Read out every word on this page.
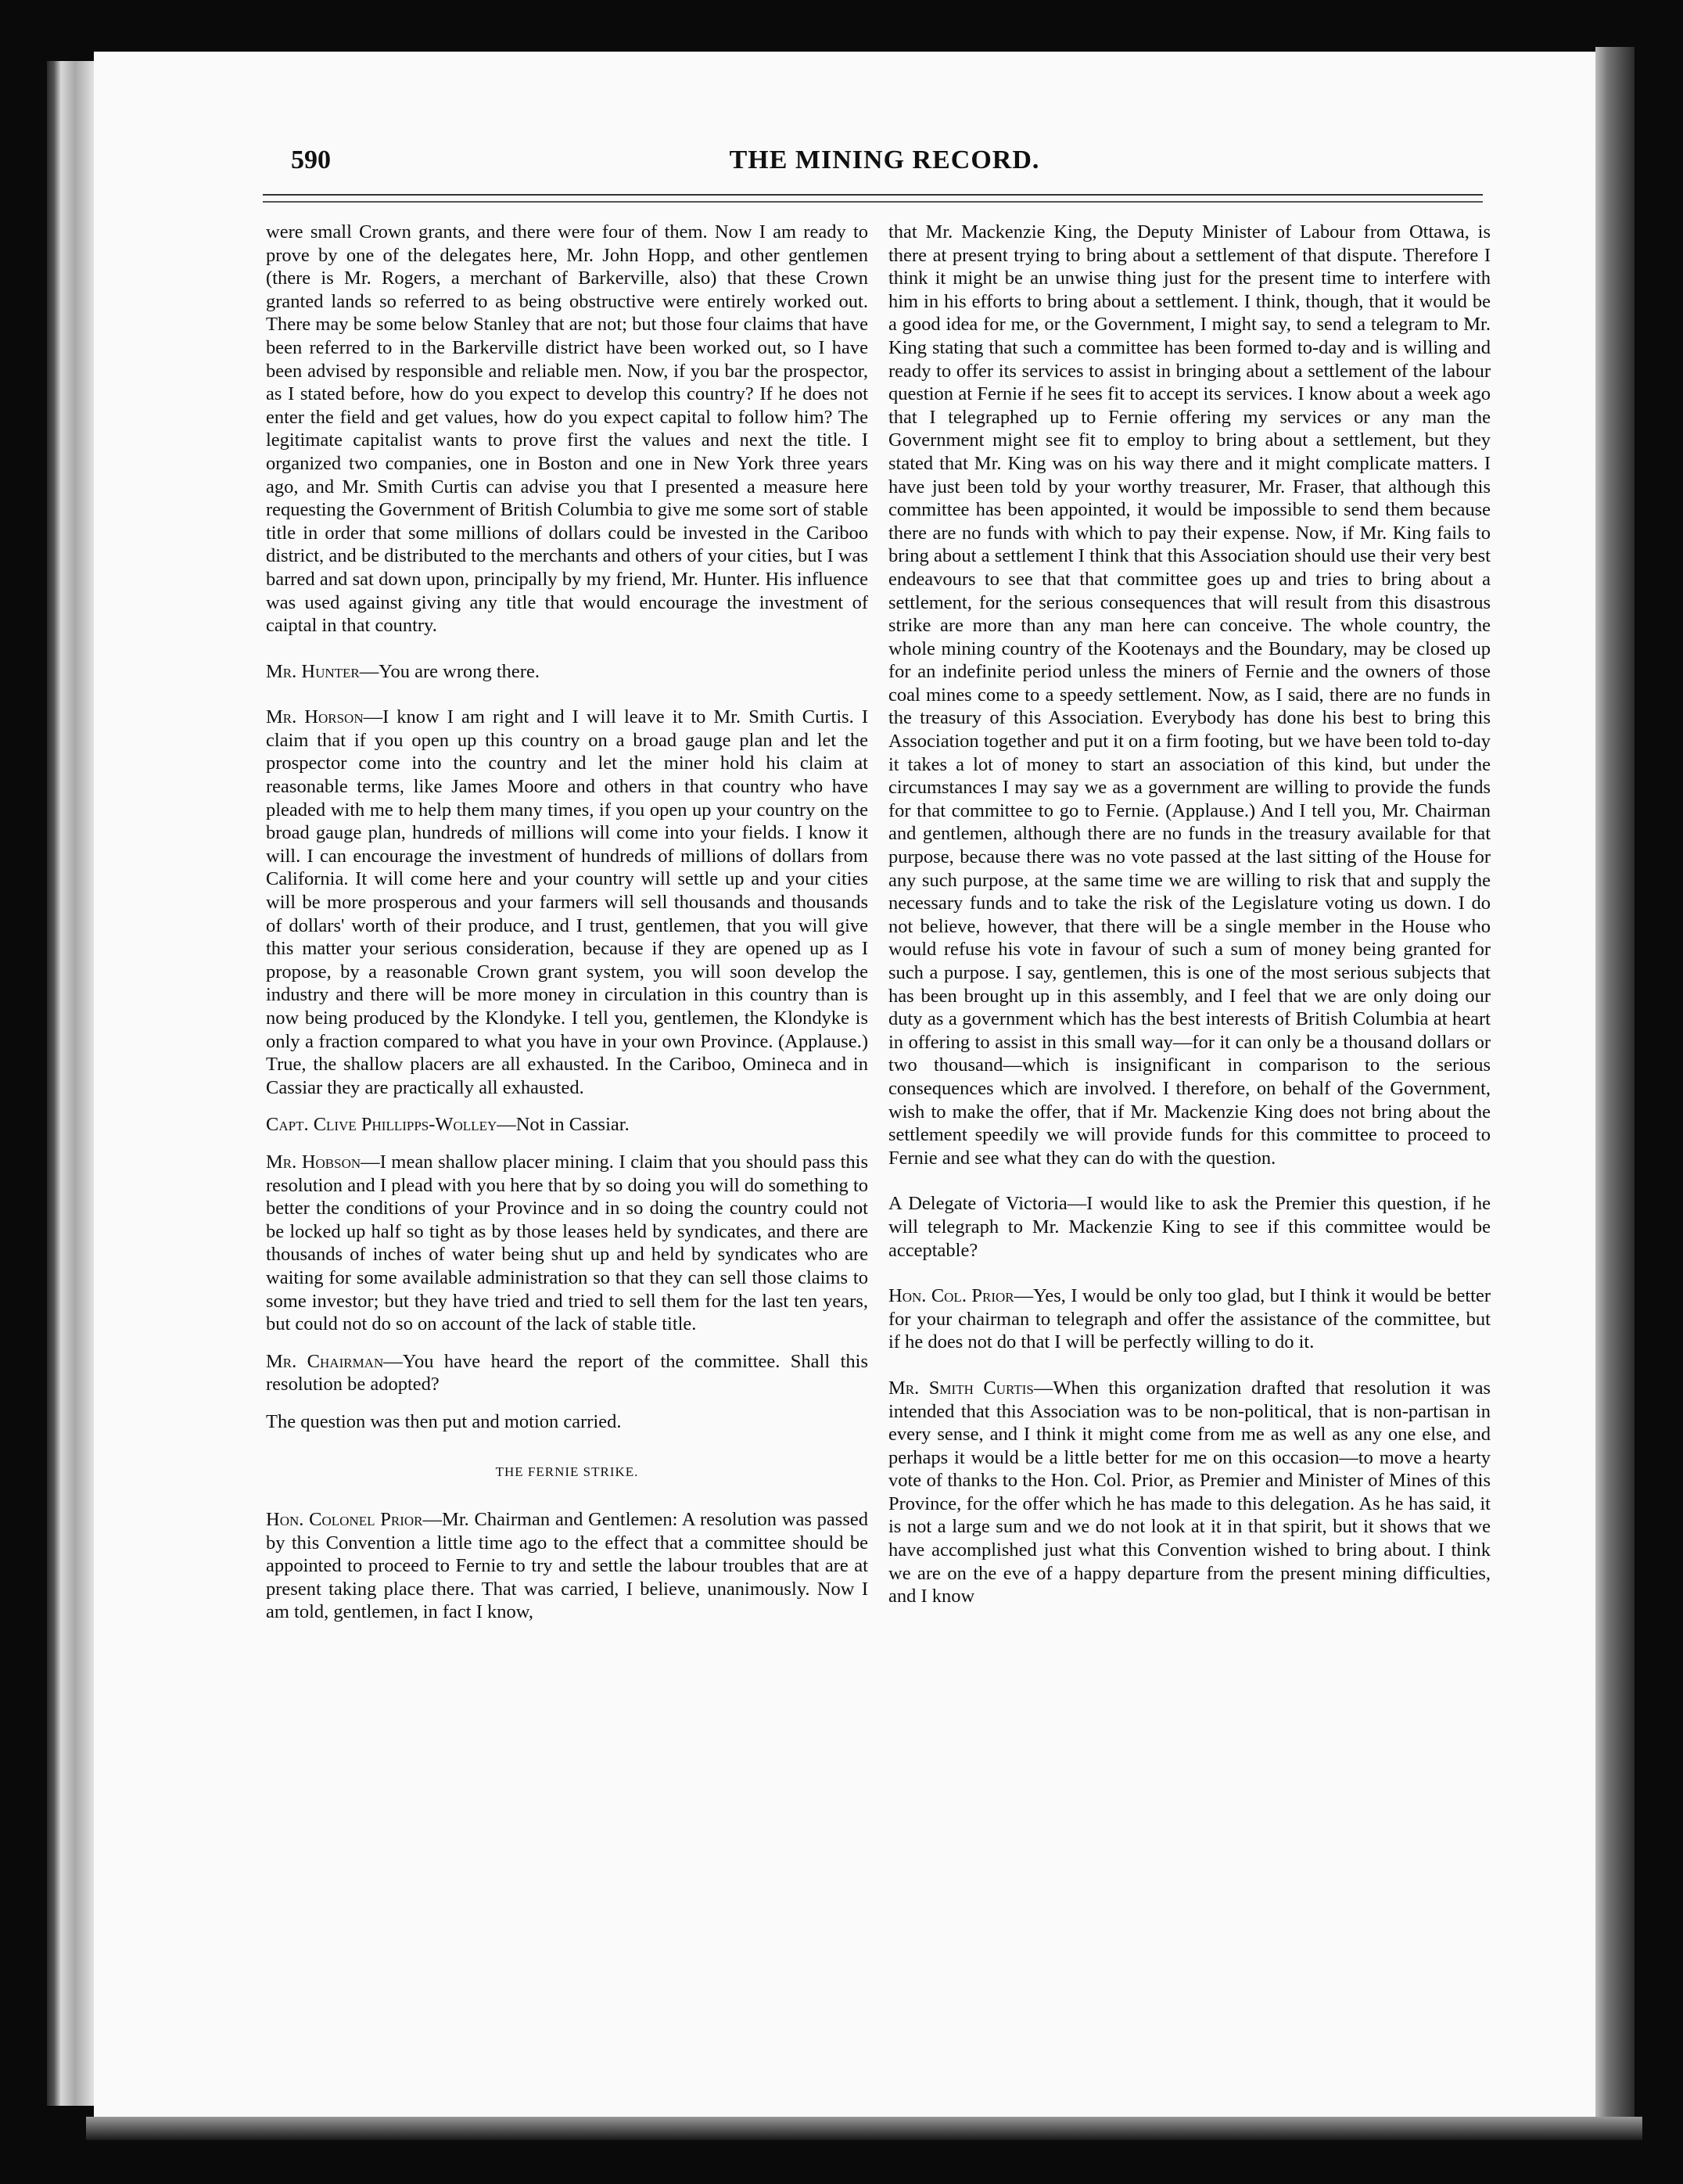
590	THE MINING RECORD.

were small Crown grants, and there were four of them. Now I am ready to prove by one of the delegates here, Mr. John Hopp, and other gentlemen (there is Mr. Rogers, a merchant of Barkerville, also) that these Crown granted lands so referred to as being obstructive were entirely worked out. There may be some below Stanley that are not; but those four claims that have been referred to in the Barkerville district have been worked out, so I have been advised by responsible and reliable men. Now, if you bar the prospector, as I stated before, how do you expect to develop this country? If he does not enter the field and get values, how do you expect capital to follow him? The legitimate capitalist wants to prove first the values and next the title. I organized two companies, one in Boston and one in New York three years ago, and Mr. Smith Curtis can advise you that I presented a measure here requesting the Government of British Columbia to give me some sort of stable title in order that some millions of dollars could be invested in the Cariboo district, and be distributed to the merchants and others of your cities, but I was barred and sat down upon, principally by my friend, Mr. Hunter. His influence was used against giving any title that would encourage the investment of caiptal in that country.

Mr. Hunter—You are wrong there.

Mr. Horson—I know I am right and I will leave it to Mr. Smith Curtis. I claim that if you open up this country on a broad gauge plan and let the prospector come into the country and let the miner hold his claim at reasonable terms, like James Moore and others in that country who have pleaded with me to help them many times, if you open up your country on the broad gauge plan, hundreds of millions will come into your fields. I know it will. I can encourage the investment of hundreds of millions of dollars from California. It will come here and your country will settle up and your cities will be more prosperous and your farmers will sell thousands and thousands of dollars' worth of their produce, and I trust, gentlemen, that you will give this matter your serious consideration, because if they are opened up as I propose, by a reasonable Crown grant system, you will soon develop the industry and there will be more money in circulation in this country than is now being produced by the Klondyke. I tell you, gentlemen, the Klondyke is only a fraction compared to what you have in your own Province. (Applause.) True, the shallow placers are all exhausted. In the Cariboo, Omineca and in Cassiar they are practically all exhausted.

Capt. Clive Phillipps-Wolley—Not in Cassiar.

Mr. Hobson—I mean shallow placer mining. I claim that you should pass this resolution and I plead with you here that by so doing you will do something to better the conditions of your Province and in so doing the country could not be locked up half so tight as by those leases held by syndicates, and there are thousands of inches of water being shut up and held by syndicates who are waiting for some available administration so that they can sell those claims to some investor; but they have tried and tried to sell them for the last ten years, but could not do so on account of the lack of stable title.

Mr. Chairman—You have heard the report of the committee. Shall this resolution be adopted?

The question was then put and motion carried.

THE FERNIE STRIKE.

Hon. Colonel Prior—Mr. Chairman and Gentlemen: A resolution was passed by this Convention a little time ago to the effect that a committee should be appointed to proceed to Fernie to try and settle the labour troubles that are at present taking place there. That was carried, I believe, unanimously. Now I am told, gentlemen, in fact I know,

that Mr. Mackenzie King, the Deputy Minister of Labour from Ottawa, is there at present trying to bring about a settlement of that dispute. Therefore I think it might be an unwise thing just for the present time to interfere with him in his efforts to bring about a settlement. I think, though, that it would be a good idea for me, or the Government, I might say, to send a telegram to Mr. King stating that such a committee has been formed to-day and is willing and ready to offer its services to assist in bringing about a settlement of the labour question at Fernie if he sees fit to accept its services. I know about a week ago that I telegraphed up to Fernie offering my services or any man the Government might see fit to employ to bring about a settlement, but they stated that Mr. King was on his way there and it might complicate matters. I have just been told by your worthy treasurer, Mr. Fraser, that although this committee has been appointed, it would be impossible to send them because there are no funds with which to pay their expense. Now, if Mr. King fails to bring about a settlement I think that this Association should use their very best endeavours to see that that committee goes up and tries to bring about a settlement, for the serious consequences that will result from this disastrous strike are more than any man here can conceive. The whole country, the whole mining country of the Kootenays and the Boundary, may be closed up for an indefinite period unless the miners of Fernie and the owners of those coal mines come to a speedy settlement. Now, as I said, there are no funds in the treasury of this Association. Everybody has done his best to bring this Association together and put it on a firm footing, but we have been told to-day it takes a lot of money to start an association of this kind, but under the circumstances I may say we as a government are willing to provide the funds for that committee to go to Fernie. (Applause.) And I tell you, Mr. Chairman and gentlemen, although there are no funds in the treasury available for that purpose, because there was no vote passed at the last sitting of the House for any such purpose, at the same time we are willing to risk that and supply the necessary funds and to take the risk of the Legislature voting us down. I do not believe, however, that there will be a single member in the House who would refuse his vote in favour of such a sum of money being granted for such a purpose. I say, gentlemen, this is one of the most serious subjects that has been brought up in this assembly, and I feel that we are only doing our duty as a government which has the best interests of British Columbia at heart in offering to assist in this small way—for it can only be a thousand dollars or two thousand—which is insignificant in comparison to the serious consequences which are involved. I therefore, on behalf of the Government, wish to make the offer, that if Mr. Mackenzie King does not bring about the settlement speedily we will provide funds for this committee to proceed to Fernie and see what they can do with the question.

A Delegate of Victoria—I would like to ask the Premier this question, if he will telegraph to Mr. Mackenzie King to see if this committee would be acceptable?

Hon. Col. Prior—Yes, I would be only too glad, but I think it would be better for your chairman to telegraph and offer the assistance of the committee, but if he does not do that I will be perfectly willing to do it.

Mr. Smith Curtis—When this organization drafted that resolution it was intended that this Association was to be non-political, that is non-partisan in every sense, and I think it might come from me as well as any one else, and perhaps it would be a little better for me on this occasion—to move a hearty vote of thanks to the Hon. Col. Prior, as Premier and Minister of Mines of this Province, for the offer which he has made to this delegation. As he has said, it is not a large sum and we do not look at it in that spirit, but it shows that we have accomplished just what this Convention wished to bring about. I think we are on the eve of a happy departure from the present mining difficulties, and I know
